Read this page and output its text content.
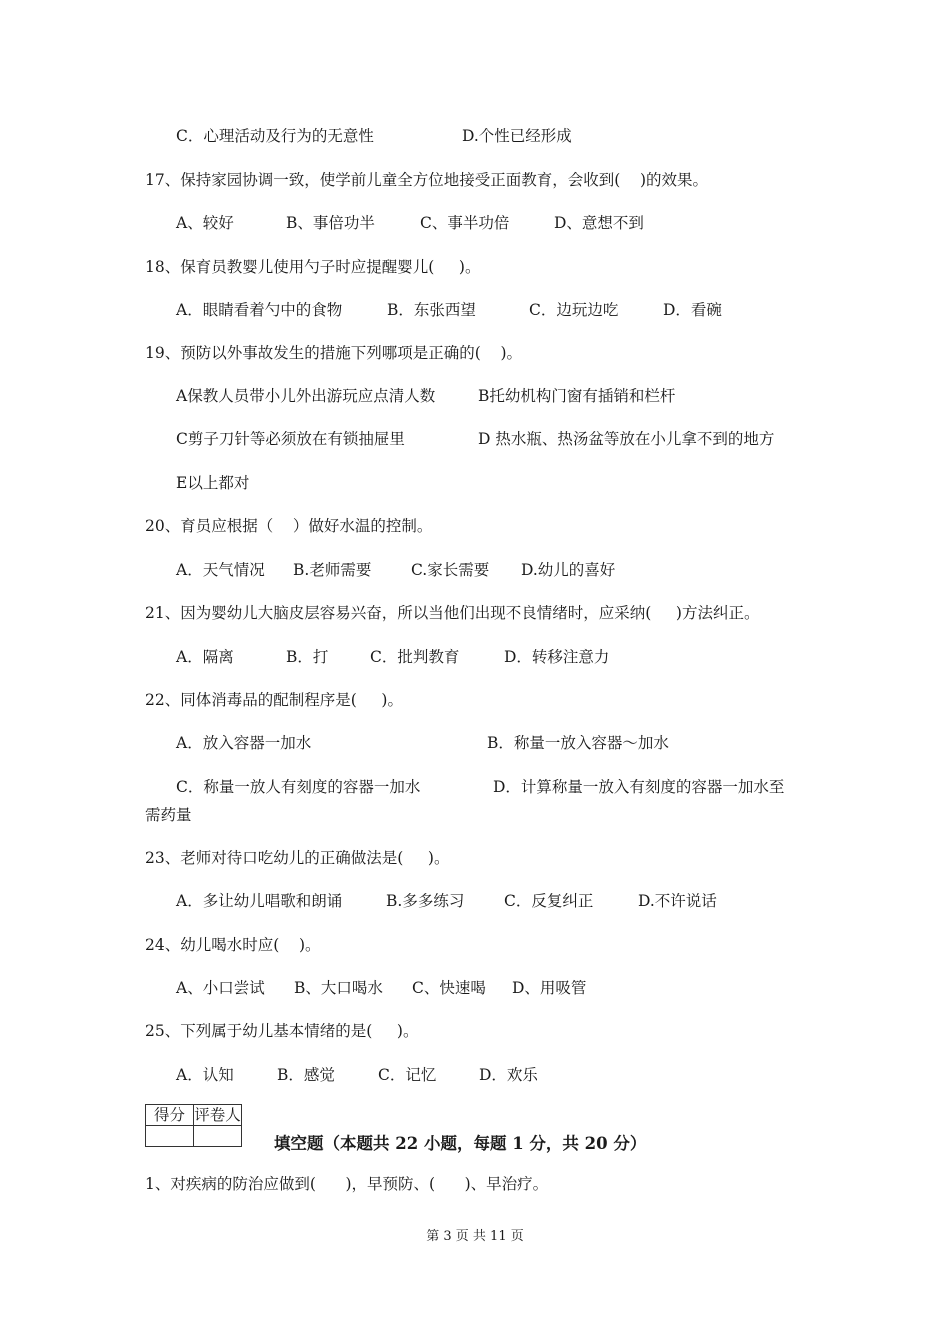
C．心理活动及行为的无意性	D.个性已经形成
17、保持家园协调一致，使学前儿童全方位地接受正面教育，会收到(    )的效果。
A、较好	B、事倍功半	C、事半功倍	D、意想不到
18、保育员教婴儿使用勺子时应提醒婴儿(     )。
A．眼睛看着勺中的食物	B．东张西望	C．边玩边吃	D．看碗
19、预防以外事故发生的措施下列哪项是正确的(    )。
A保教人员带小儿外出游玩应点清人数	B托幼机构门窗有插销和栏杆
C剪子刀针等必须放在有锁抽屉里	D 热水瓶、热汤盆等放在小儿拿不到的地方
E以上都对
20、育员应根据（    ）做好水温的控制。
A．天气情况 B.老师需要	C.家长需要 D.幼儿的喜好
21、因为婴幼儿大脑皮层容易兴奋，所以当他们出现不良情绪时，应采纳(     )方法纠正。
A．隔离	B．打	C．批判教育	D．转移注意力
22、同体消毒品的配制程序是(     )。
A．放入容器一加水	B．称量一放入容器～加水
C．称量一放人有刻度的容器一加水	D．计算称量一放入有刻度的容器一加水至
需药量
23、老师对待口吃幼儿的正确做法是(     )。
A．多让幼儿唱歌和朗诵	B.多多练习	C．反复纠正	D.不许说话
24、幼儿喝水时应(    )。
A、小口尝试 B、大口喝水 C、快速喝 D、用吸管
25、下列属于幼儿基本情绪的是(     )。
A．认知	B．感觉	C．记忆	D．欢乐
得分	评卷人

填空题（本题共 22 小题，每题 1 分，共 20 分）
1、对疾病的防治应做到(      )，早预防、(      )、早治疗。
第 3 页 共 11 页
